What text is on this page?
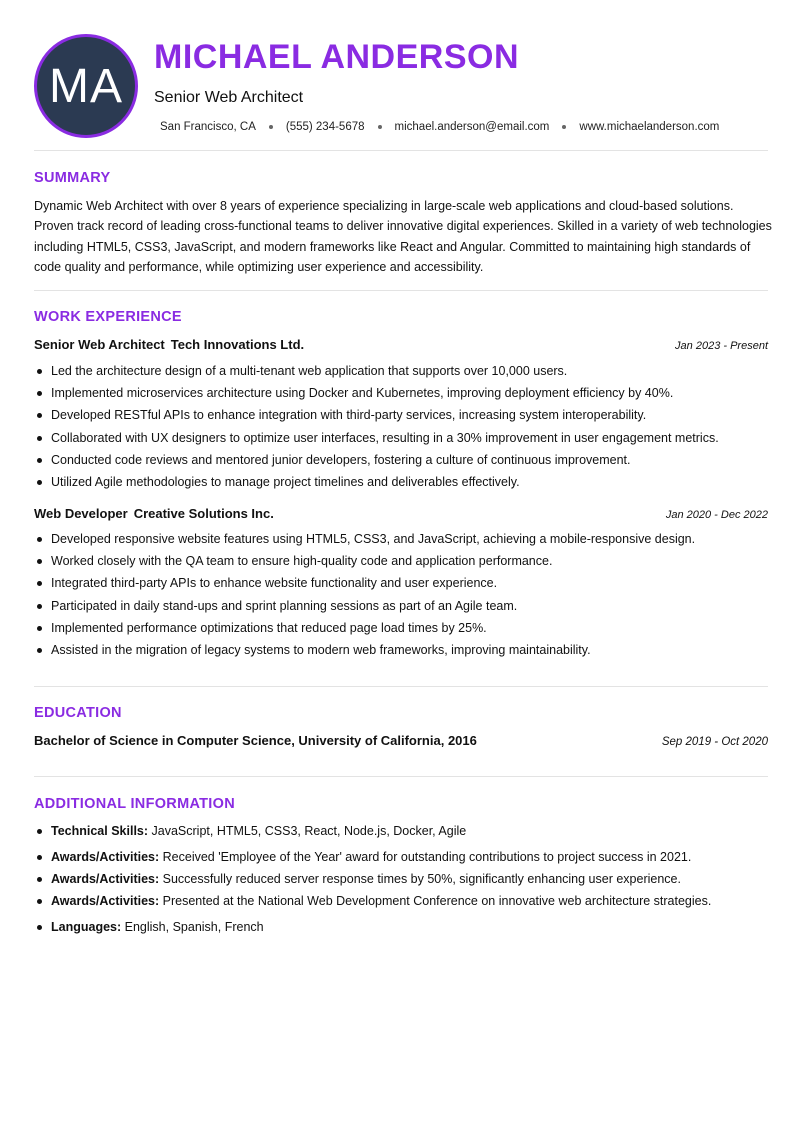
MA
MICHAEL ANDERSON
Senior Web Architect
San Francisco, CA	(555) 234-5678	michael.anderson@email.com	www.michaelanderson.com
SUMMARY
Dynamic Web Architect with over 8 years of experience specializing in large-scale web applications and cloud-based solutions. Proven track record of leading cross-functional teams to deliver innovative digital experiences. Skilled in a variety of web technologies including HTML5, CSS3, JavaScript, and modern frameworks like React and Angular. Committed to maintaining high standards of code quality and performance, while optimizing user experience and accessibility.
WORK EXPERIENCE
Senior Web Architect Tech Innovations Ltd.	Jan 2023 - Present
Led the architecture design of a multi-tenant web application that supports over 10,000 users.
Implemented microservices architecture using Docker and Kubernetes, improving deployment efficiency by 40%.
Developed RESTful APIs to enhance integration with third-party services, increasing system interoperability.
Collaborated with UX designers to optimize user interfaces, resulting in a 30% improvement in user engagement metrics.
Conducted code reviews and mentored junior developers, fostering a culture of continuous improvement.
Utilized Agile methodologies to manage project timelines and deliverables effectively.
Web Developer Creative Solutions Inc.	Jan 2020 - Dec 2022
Developed responsive website features using HTML5, CSS3, and JavaScript, achieving a mobile-responsive design.
Worked closely with the QA team to ensure high-quality code and application performance.
Integrated third-party APIs to enhance website functionality and user experience.
Participated in daily stand-ups and sprint planning sessions as part of an Agile team.
Implemented performance optimizations that reduced page load times by 25%.
Assisted in the migration of legacy systems to modern web frameworks, improving maintainability.
EDUCATION
Bachelor of Science in Computer Science, University of California, 2016	Sep 2019 - Oct 2020
ADDITIONAL INFORMATION
Technical Skills: JavaScript, HTML5, CSS3, React, Node.js, Docker, Agile
Awards/Activities: Received 'Employee of the Year' award for outstanding contributions to project success in 2021.
Awards/Activities: Successfully reduced server response times by 50%, significantly enhancing user experience.
Awards/Activities: Presented at the National Web Development Conference on innovative web architecture strategies.
Languages: English, Spanish, French
